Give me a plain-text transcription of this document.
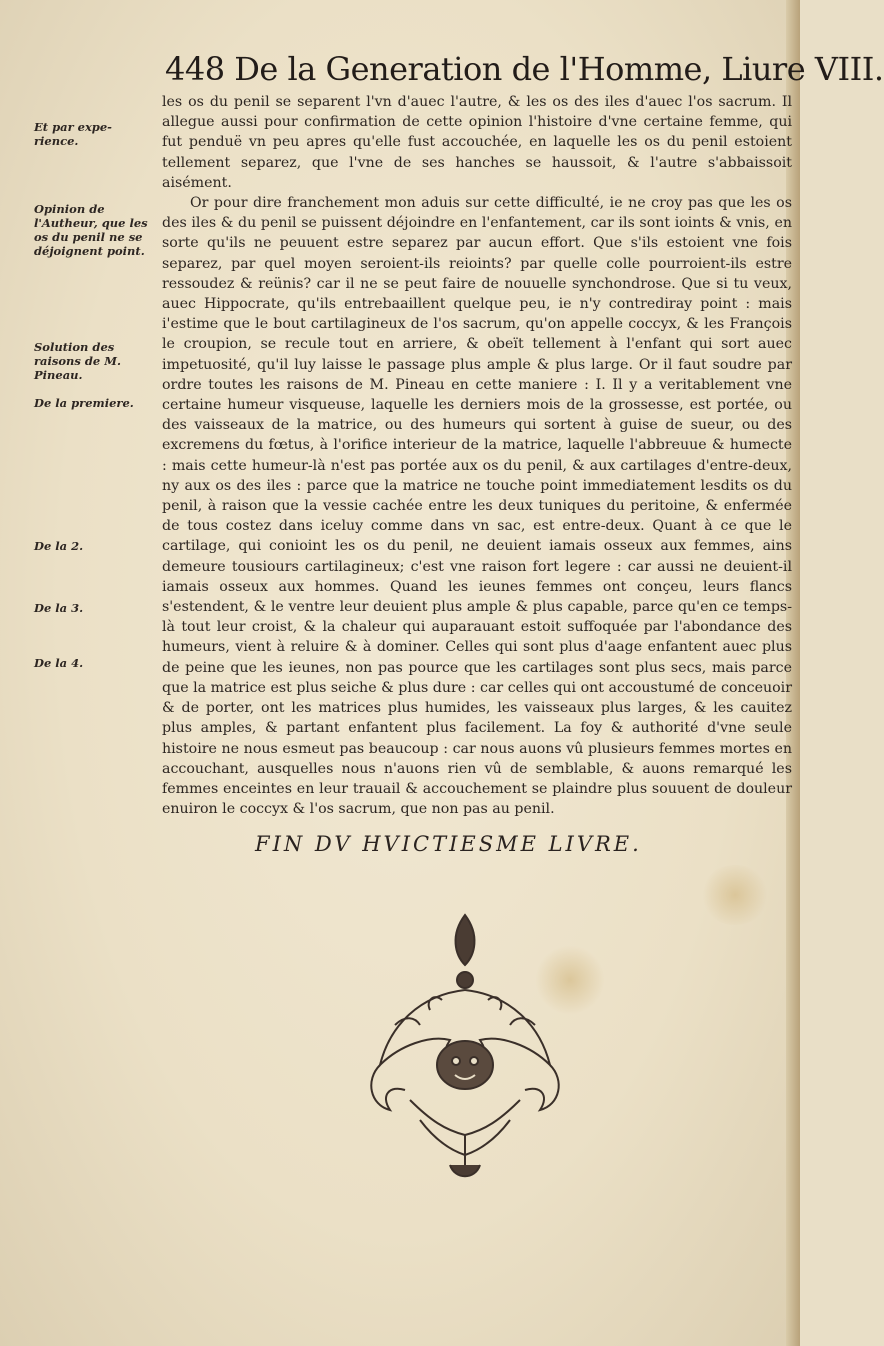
448 De la Generation de l'Homme, Liure VIII.
Et par expe-rience.
Opinion de l'Autheur, que les os du penil ne se déjoignent point.
Solution des raisons de M. Pineau.
De la premiere.
De la 2.
De la 3.
De la 4.

les os du penil se separent l'vn d'auec l'autre, & les os des iles d'auec l'os sacrum. Il allegue aussi pour confirmation de cette opinion l'histoire d'vne certaine femme, qui fut penduë vn peu apres qu'elle fust accouchée, en laquelle les os du penil estoient tellement separez, que l'vne de ses hanches se haussoit, & l'autre s'abbaissoit aisément.

Or pour dire franchement mon aduis sur cette difficulté, ie ne croy pas que les os des iles & du penil se puissent déjoindre en l'enfantement, car ils sont ioints & vnis, en sorte qu'ils ne peuuent estre separez par aucun effort. Que s'ils estoient vne fois separez, par quel moyen seroient-ils reioints? par quelle colle pourroient-ils estre ressoudez & reünis? car il ne se peut faire de nouuelle synchondrose. Que si tu veux, auec Hippocrate, qu'ils entrebaaillent quelque peu, ie n'y contrediray point : mais i'estime que le bout cartilagineux de l'os sacrum, qu'on appelle coccyx, & les François le croupion, se recule tout en arriere, & obeït tellement à l'enfant qui sort auec impetuosité, qu'il luy laisse le passage plus ample & plus large. Or il faut soudre par ordre toutes les raisons de M. Pineau en cette maniere : I. Il y a veritablement vne certaine humeur visqueuse, laquelle les derniers mois de la grossesse, est portée, ou des vaisseaux de la matrice, ou des humeurs qui sortent à guise de sueur, ou des excremens du fœtus, à l'orifice interieur de la matrice, laquelle l'abbreuue & humecte : mais cette humeur-là n'est pas portée aux os du penil, & aux cartilages d'entre-deux, ny aux os des iles : parce que la matrice ne touche point immediatement lesdits os du penil, à raison que la vessie cachée entre les deux tuniques du peritoine, & enfermée de tous costez dans iceluy comme dans vn sac, est entre-deux. Quant à ce que le cartilage, qui conioint les os du penil, ne deuient iamais osseux aux femmes, ains demeure tousiours cartilagineux; c'est vne raison fort legere : car aussi ne deuient-il iamais osseux aux hommes. Quand les ieunes femmes ont conçeu, leurs flancs s'estendent, & le ventre leur deuient plus ample & plus capable, parce qu'en ce temps-là tout leur croist, & la chaleur qui auparauant estoit suffoquée par l'abondance des humeurs, vient à reluire & à dominer. Celles qui sont plus d'aage enfantent auec plus de peine que les ieunes, non pas pource que les cartilages sont plus secs, mais parce que la matrice est plus seiche & plus dure : car celles qui ont accoustumé de conceuoir & de porter, ont les matrices plus humides, les vaisseaux plus larges, & les cauitez plus amples, & partant enfantent plus facilement. La foy & authorité d'vne seule histoire ne nous esmeut pas beaucoup : car nous auons vû plusieurs femmes mortes en accouchant, ausquelles nous n'auons rien vû de semblable, & auons remarqué les femmes enceintes en leur trauail & accouchement se plaindre plus souuent de douleur enuiron le coccyx & l'os sacrum, que non pas au penil.

FIN DV HVICTIESME LIVRE.
